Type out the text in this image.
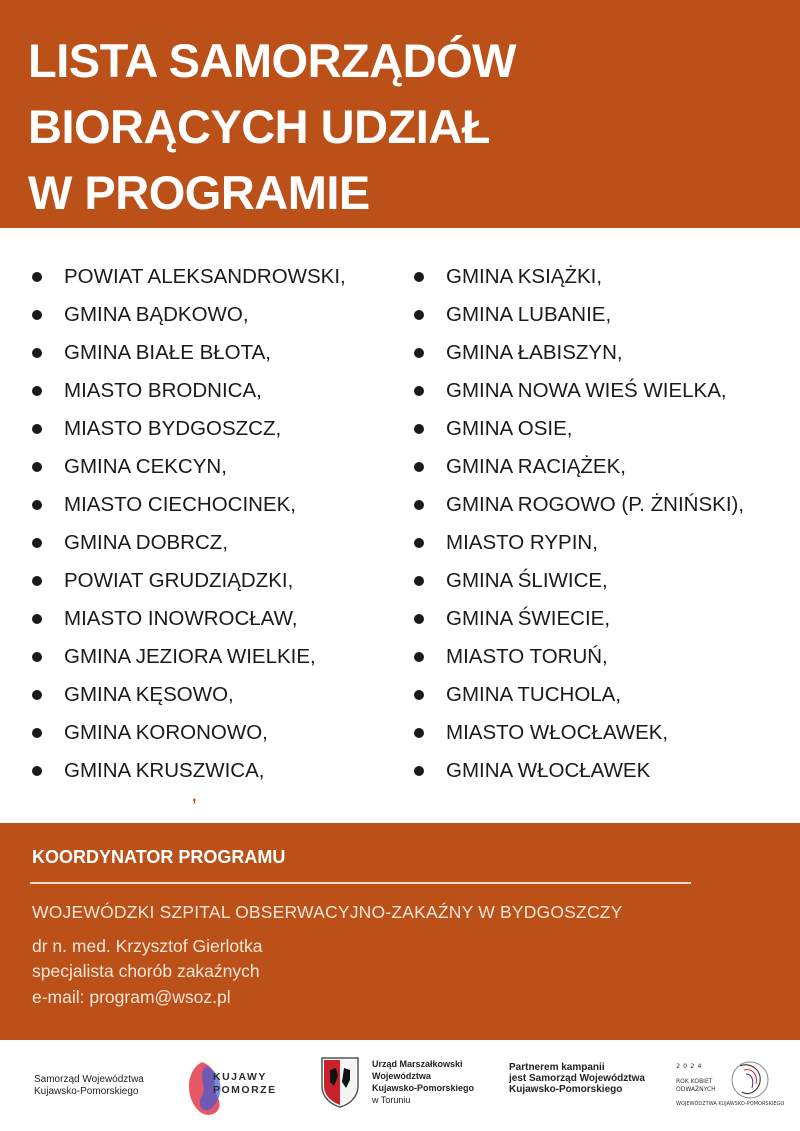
LISTA SAMORZĄDÓW
BIORĄCYCH UDZIAŁ
W PROGRAMIE
POWIAT ALEKSANDROWSKI,
GMINA BĄDKOWO,
GMINA BIAŁE BŁOTA,
MIASTO BRODNICA,
MIASTO BYDGOSZCZ,
GMINA CEKCYN,
MIASTO CIECHOCINEK,
GMINA DOBRCZ,
POWIAT GRUDZIĄDZKI,
MIASTO INOWROCŁAW,
GMINA JEZIORA WIELKIE,
GMINA KĘSOWO,
GMINA KORONOWO,
GMINA KRUSZWICA,
GMINA KSIĄŻKI,
GMINA LUBANIE,
GMINA ŁABISZYN,
GMINA NOWA WIEŚ WIELKA,
GMINA OSIE,
GMINA RACIĄŻEK,
GMINA ROGOWO (P. ŻNIŃSKI),
MIASTO RYPIN,
GMINA ŚLIWICE,
GMINA ŚWIECIE,
MIASTO TORUŃ,
GMINA TUCHOLA,
MIASTO WŁOCŁAWEK,
GMINA WŁOCŁAWEK
,
KOORDYNATOR PROGRAMU
WOJEWÓDZKI SZPITAL OBSERWACYJNO-ZAKAŹNY W BYDGOSZCZY
dr n. med. Krzysztof Gierlotka
specjalista chorób zakaźnych
e-mail: program@wsoz.pl
Samorząd Województwa
Kujawsko-Pomorskiego
KUJAWY
POMORZE
Urząd Marszałkowski
Województwa
Kujawsko-Pomorskiego
w Toruniu
Partnerem kampanii
jest Samorząd Województwa
Kujawsko-Pomorskiego
2024
ROK KOBIET
ODWAŻNYCH
WOJEWÓDZTWA KUJAWSKO-POMORSKIEGO
